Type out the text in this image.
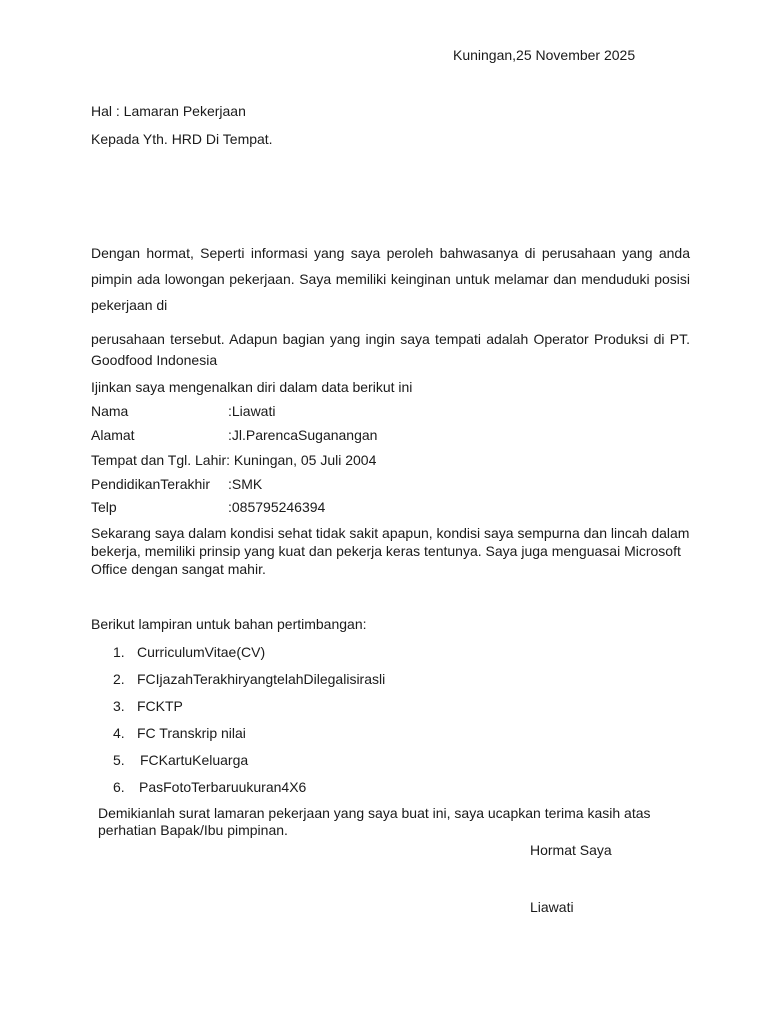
Kuningan,25 November 2025
Hal : Lamaran Pekerjaan
Kepada Yth. HRD Di Tempat.
Dengan hormat, Seperti informasi yang saya peroleh bahwasanya di perusahaan yang anda
pimpin ada lowongan pekerjaan. Saya memiliki keinginan untuk melamar dan menduduki posisi
pekerjaan di
perusahaan tersebut. Adapun bagian yang ingin saya tempati adalah Operator Produksi di PT.
Goodfood Indonesia
Ijinkan saya mengenalkan diri dalam data berikut ini
Nama	:Liawati
Alamat	:Jl.ParencaSuganangan
Tempat dan Tgl. Lahir: Kuningan, 05 Juli 2004
PendidikanTerakhir :SMK
Telp	:085795246394
Sekarang saya dalam kondisi sehat tidak sakit apapun, kondisi saya sempurna dan lincah dalam bekerja, memiliki prinsip yang kuat dan pekerja keras tentunya. Saya juga menguasai Microsoft Office dengan sangat mahir.
Berikut lampiran untuk bahan pertimbangan:
1. CurriculumVitae(CV)
2. FCIjazahTerakhiryangtelahDilegalisirasli
3. FCKTP
4. FC Transkrip nilai
5. FCKartuKeluarga
6. PasFotoTerbaruukuran4X6
Demikianlah surat lamaran pekerjaan yang saya buat ini, saya ucapkan terima kasih atas perhatian Bapak/Ibu pimpinan.
Hormat Saya
Liawati
